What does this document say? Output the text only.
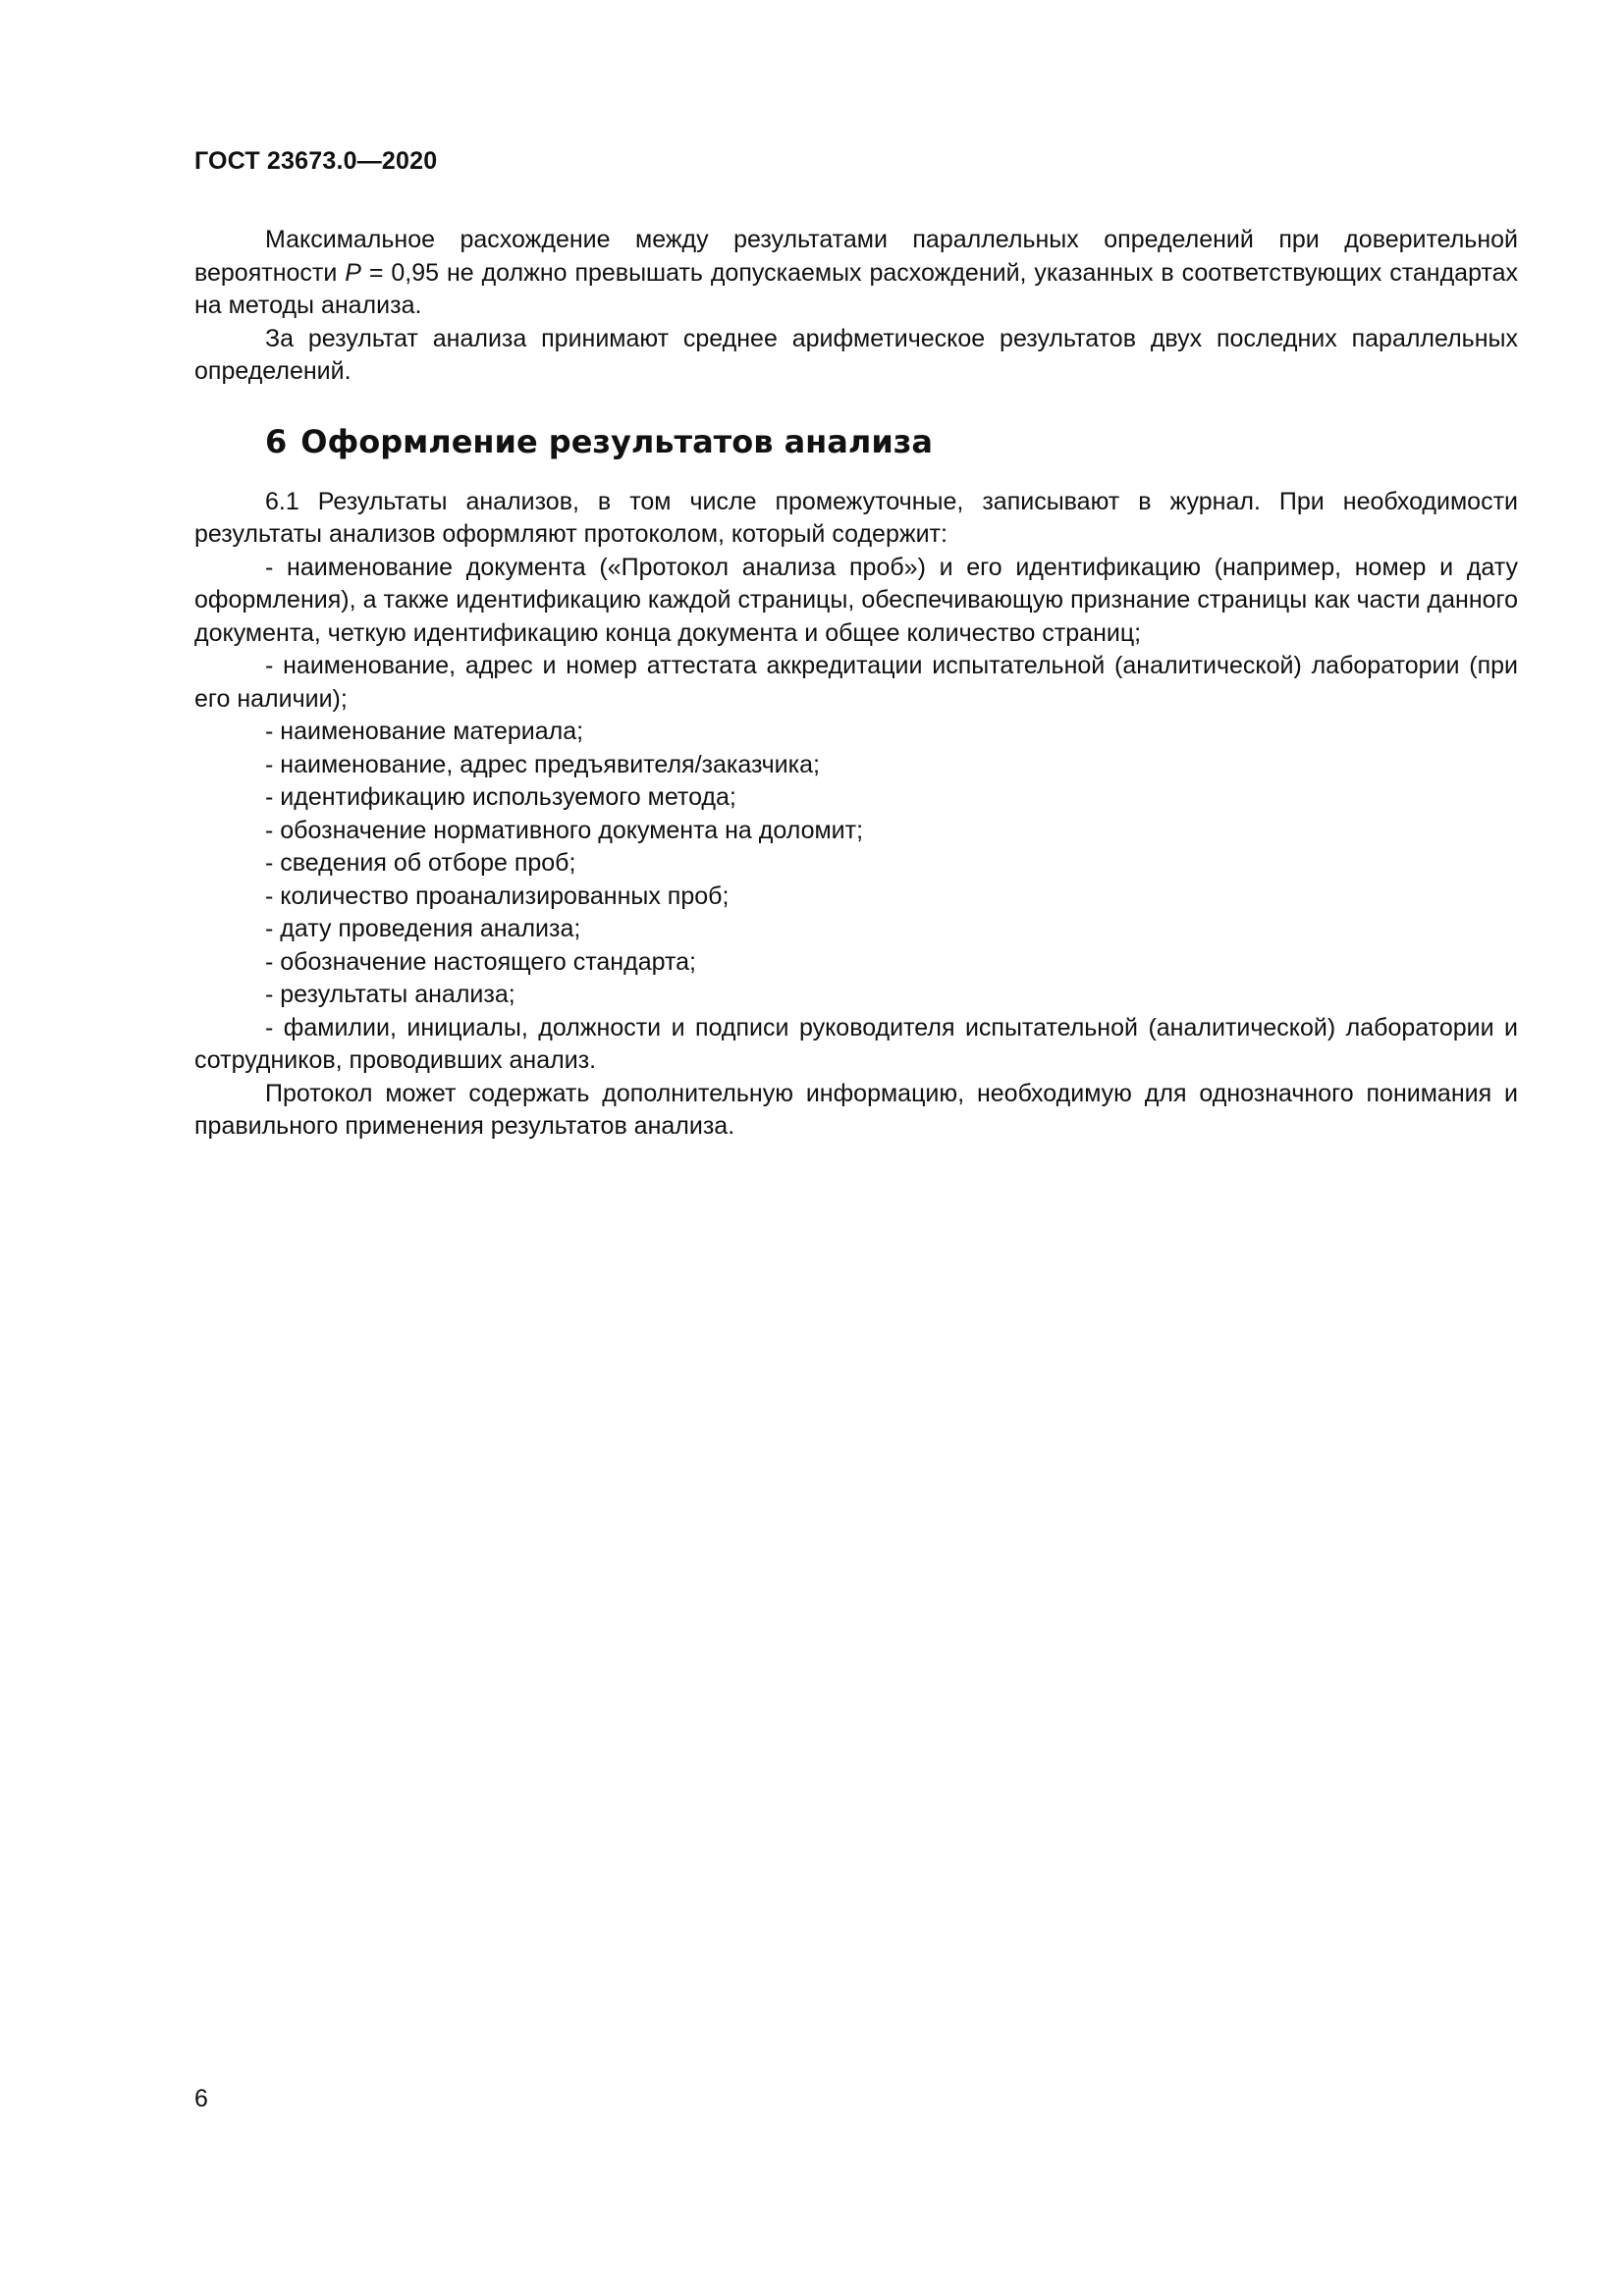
ГОСТ 23673.0—2020

Максимальное расхождение между результатами параллельных определений при доверительной вероятности P = 0,95 не должно превышать допускаемых расхождений, указанных в соответствующих стандартах на методы анализа.

За результат анализа принимают среднее арифметическое результатов двух последних параллельных определений.

6 Оформление результатов анализа

6.1 Результаты анализов, в том числе промежуточные, записывают в журнал. При необходимости результаты анализов оформляют протоколом, который содержит:

- наименование документа («Протокол анализа проб») и его идентификацию (например, номер и дату оформления), а также идентификацию каждой страницы, обеспечивающую признание страницы как части данного документа, четкую идентификацию конца документа и общее количество страниц;
- наименование, адрес и номер аттестата аккредитации испытательной (аналитической) лаборатории (при его наличии);
- наименование материала;
- наименование, адрес предъявителя/заказчика;
- идентификацию используемого метода;
- обозначение нормативного документа на доломит;
- сведения об отборе проб;
- количество проанализированных проб;
- дату проведения анализа;
- обозначение настоящего стандарта;
- результаты анализа;
- фамилии, инициалы, должности и подписи руководителя испытательной (аналитической) лаборатории и сотрудников, проводивших анализ.

Протокол может содержать дополнительную информацию, необходимую для однозначного понимания и правильного применения результатов анализа.

6
